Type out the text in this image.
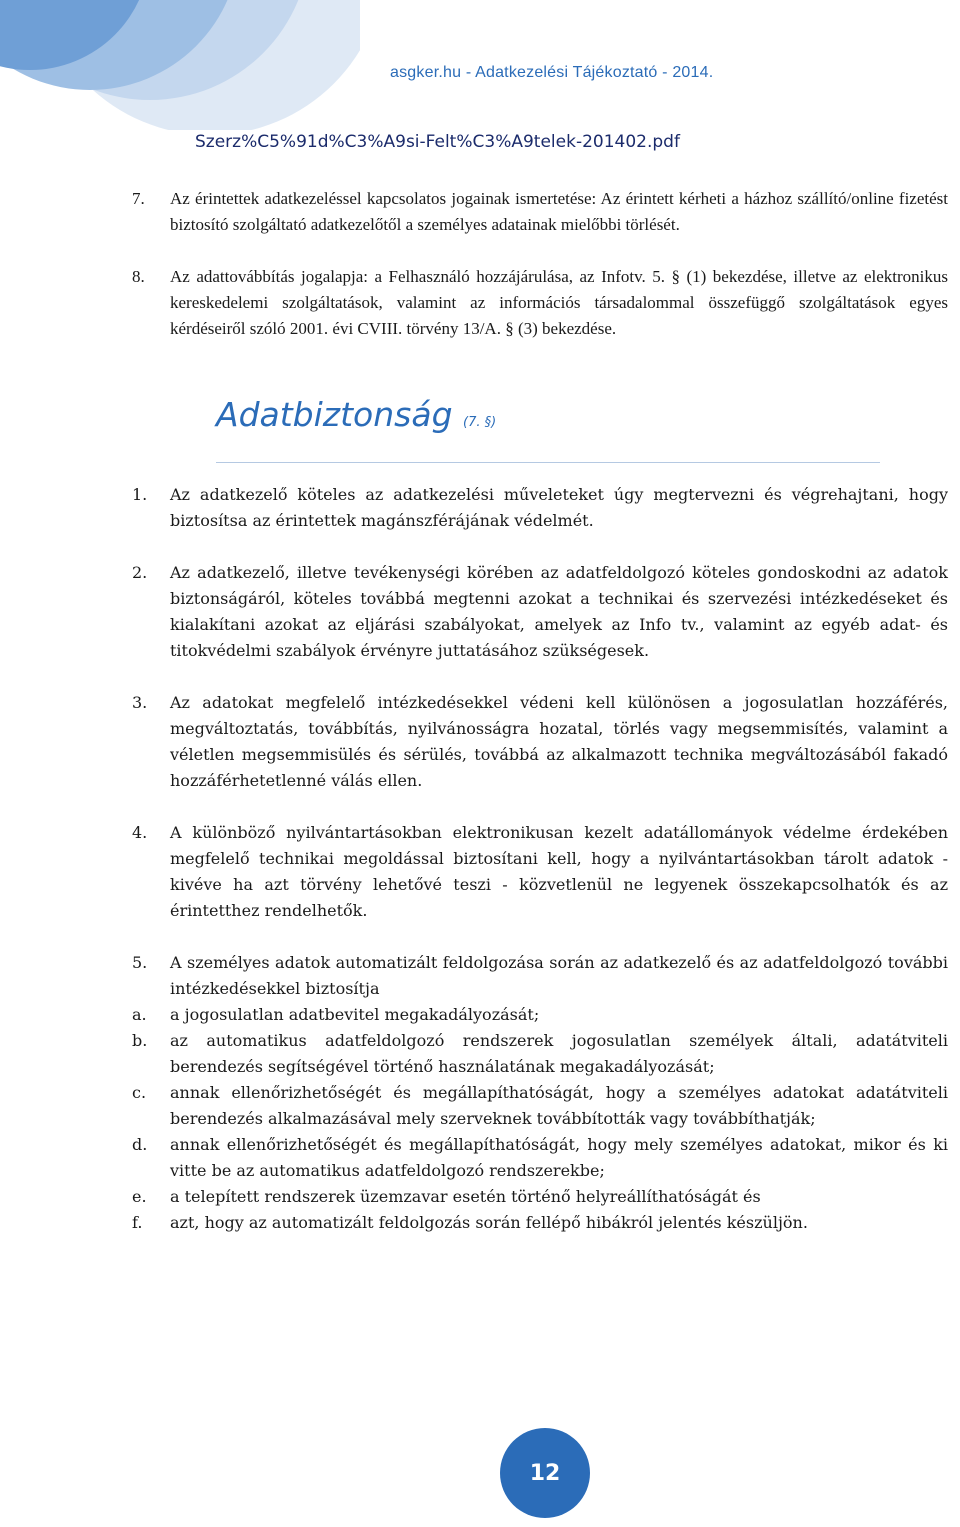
asgker.hu - Adatkezelési Tájékoztató - 2014.
Szerz%C5%91d%C3%A9si-Felt%C3%A9telek-201402.pdf
7.	Az érintettek adatkezeléssel kapcsolatos jogainak ismertetése: Az érintett kérheti a házhoz szállító/online fizetést biztosító szolgáltató adatkezelőtől a személyes adatainak mielőbbi törlését.
8.	Az adattovábbítás jogalapja: a Felhasználó hozzájárulása, az Infotv. 5. § (1) bekezdése, illetve az elektronikus kereskedelemi szolgáltatások, valamint az információs társadalommal összefüggő szolgáltatások egyes kérdéseiről szóló 2001. évi CVIII. törvény 13/A. § (3) bekezdése.
Adatbiztonság (7. §)
1.	Az adatkezelő köteles az adatkezelési műveleteket úgy megtervezni és végrehajtani, hogy biztosítsa az érintettek magánszférájának védelmét.
2.	Az adatkezelő, illetve tevékenységi körében az adatfeldolgozó köteles gondoskodni az adatok biztonságáról, köteles továbbá megtenni azokat a technikai és szervezési intézkedéseket és kialakítani azokat az eljárási szabályokat, amelyek az Info tv., valamint az egyéb adat- és titokvédelmi szabályok érvényre juttatásához szükségesek.
3.	Az adatokat megfelelő intézkedésekkel védeni kell különösen a jogosulatlan hozzáférés, megváltoztatás, továbbítás, nyilvánosságra hozatal, törlés vagy megsemmisítés, valamint a véletlen megsemmisülés és sérülés, továbbá az alkalmazott technika megváltozásából fakadó hozzáférhetetlenné válás ellen.
4.	A különböző nyilvántartásokban elektronikusan kezelt adatállományok védelme érdekében megfelelő technikai megoldással biztosítani kell, hogy a nyilvántartásokban tárolt adatok - kivéve ha azt törvény lehetővé teszi - közvetlenül ne legyenek összekapcsolhatók és az érintetthez rendelhetők.
5.	A személyes adatok automatizált feldolgozása során az adatkezelő és az adatfeldolgozó további intézkedésekkel biztosítja
a.	a jogosulatlan adatbevitel megakadályozását;
b.	az automatikus adatfeldolgozó rendszerek jogosulatlan személyek általi, adatátviteli berendezés segítségével történő használatának megakadályozását;
c.	annak ellenőrizhetőségét és megállapíthatóságát, hogy a személyes adatokat adatátviteli berendezés alkalmazásával mely szerveknek továbbították vagy továbbíthatják;
d.	annak ellenőrizhetőségét és megállapíthatóságát, hogy mely személyes adatokat, mikor és ki vitte be az automatikus adatfeldolgozó rendszerekbe;
e.	a telepített rendszerek üzemzavar esetén történő helyreállíthatóságát és
f.	azt, hogy az automatizált feldolgozás során fellépő hibákról jelentés készüljön.
12
